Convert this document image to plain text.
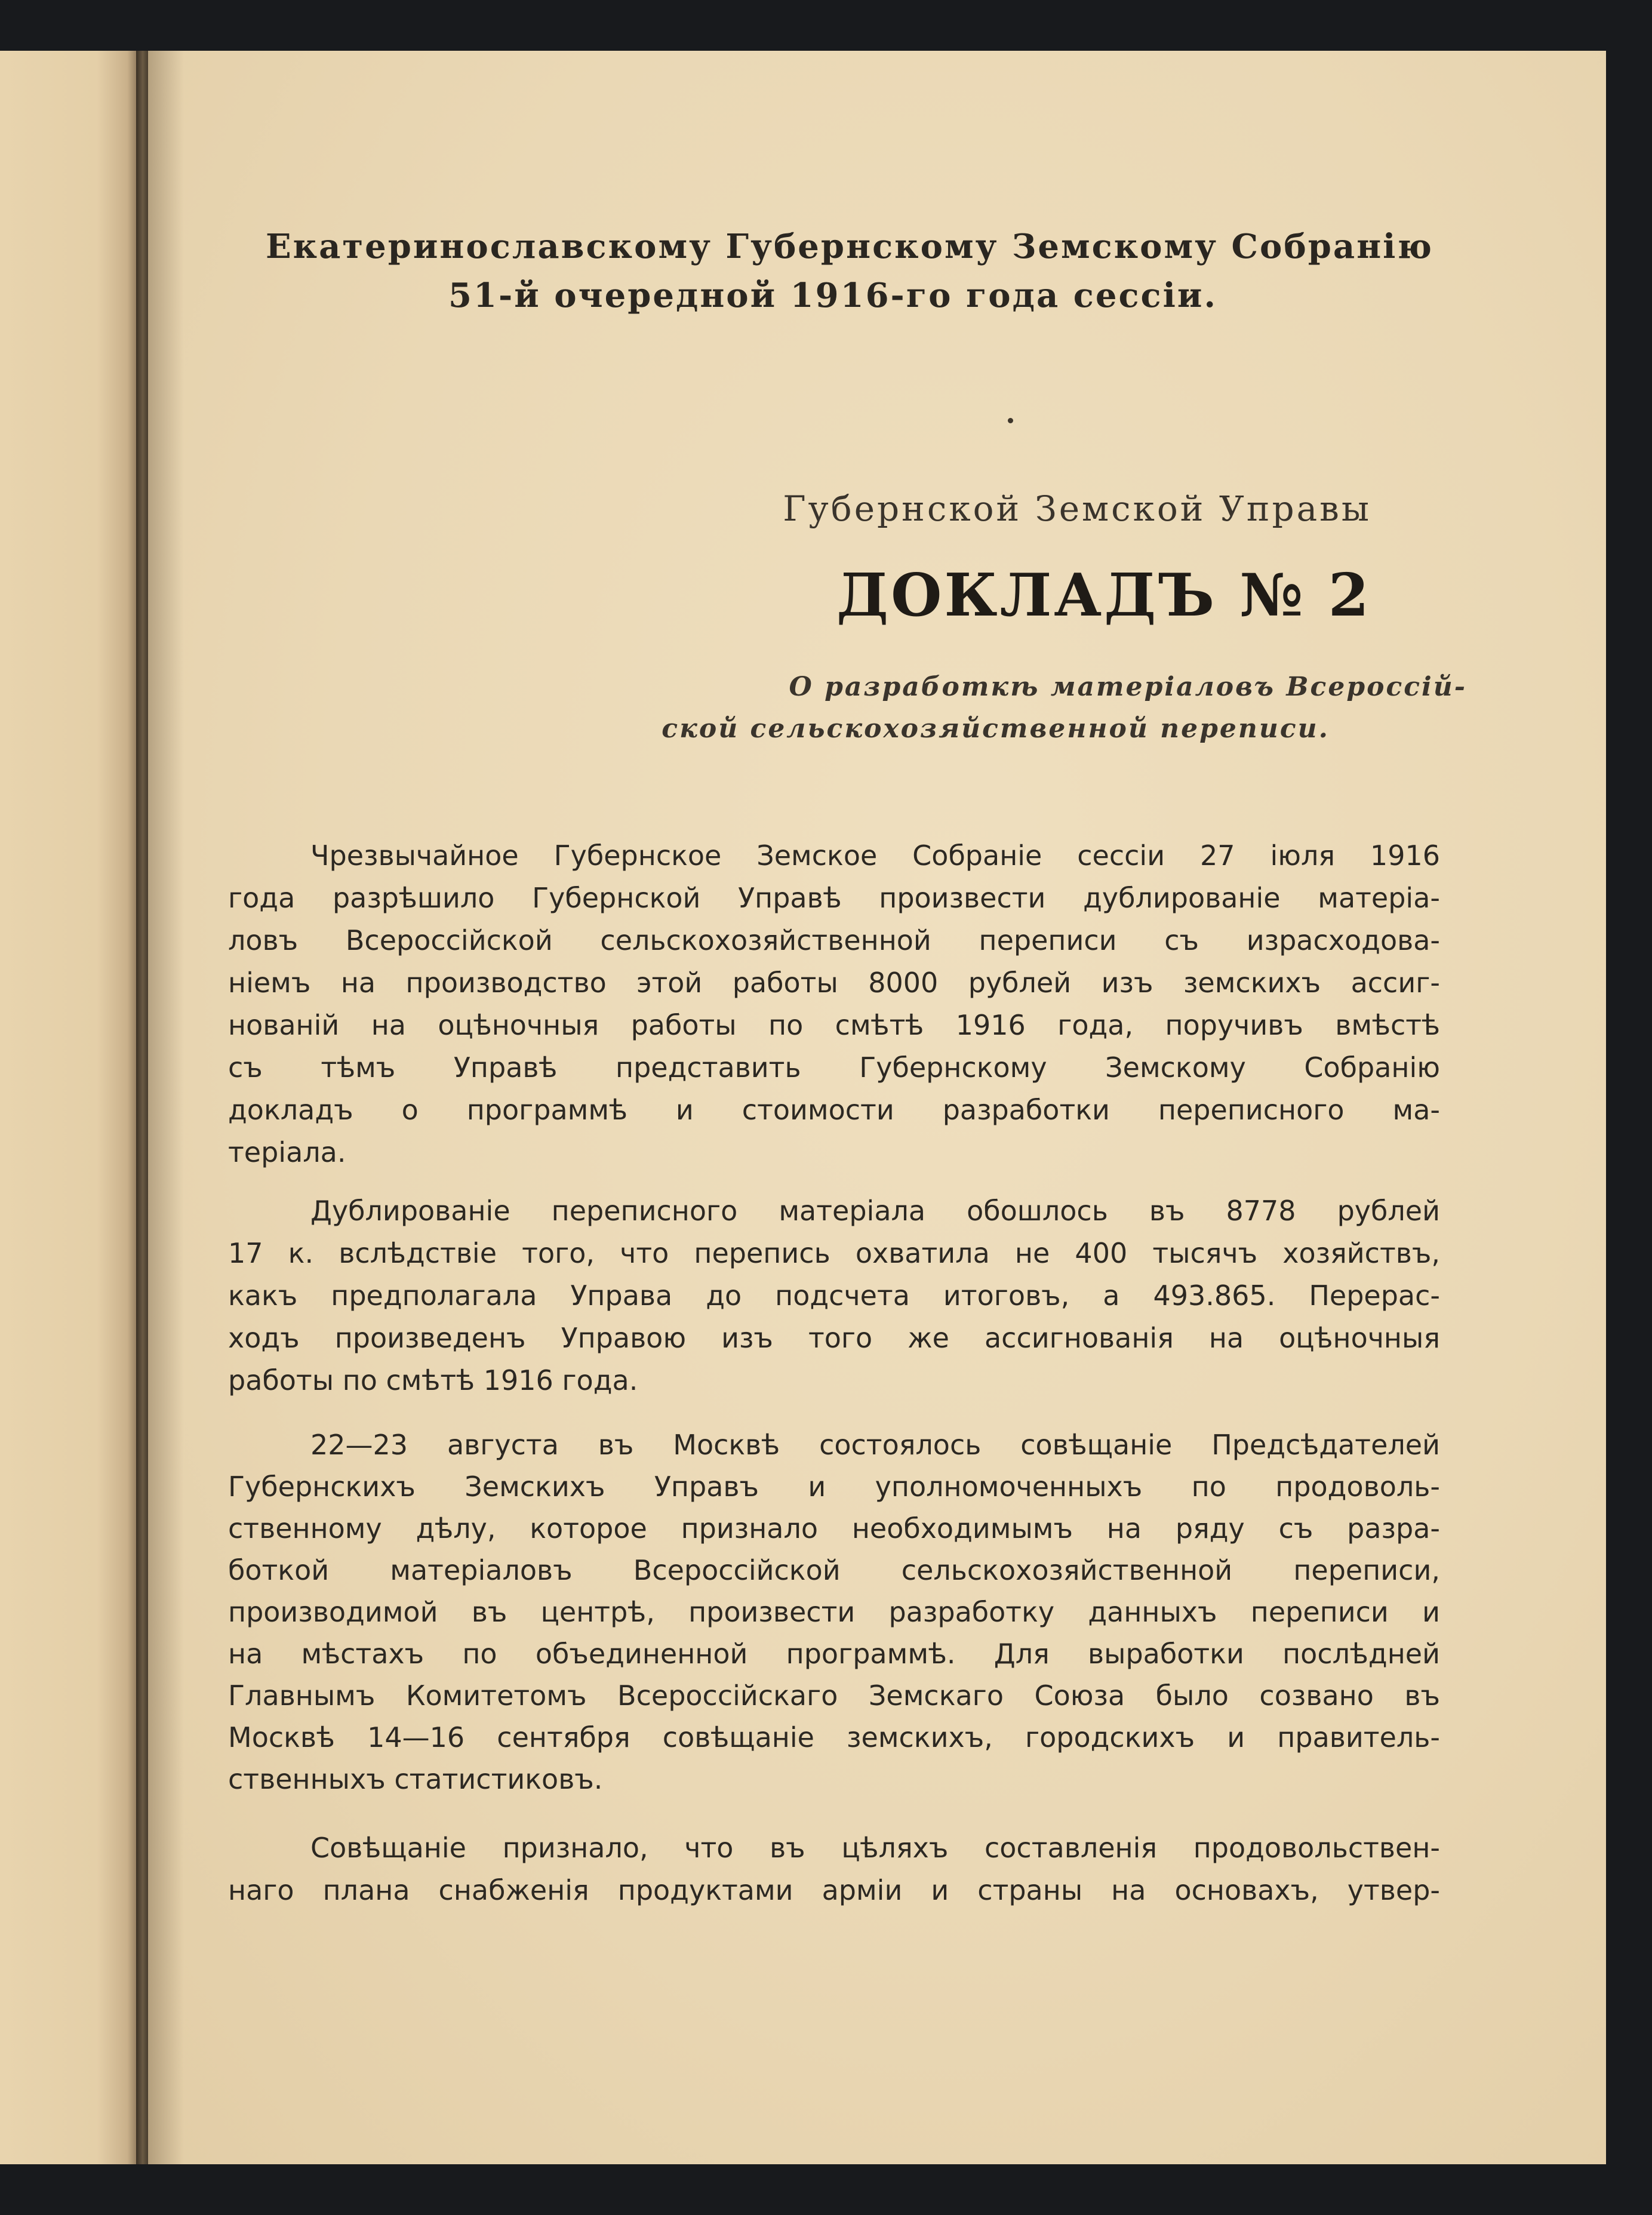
Екатеринославскому Губернскому Земскому Собранію
51-й очередной 1916-го года сессіи.
Губернской Земской Управы
ДОКЛАДЪ № 2
О разработкѣ матеріаловъ Всероссій-
ской сельскохозяйственной переписи.
Чрезвычайное Губернское Земское Собраніе сессіи 27 іюля 1916
года разрѣшило Губернской Управѣ произвести дублированіе матеріа-
ловъ Всероссійской сельскохозяйственной переписи съ израсходова-
ніемъ на производство этой работы 8000 рублей изъ земскихъ ассиг-
нованій на оцѣночныя работы по смѣтѣ 1916 года, поручивъ вмѣстѣ
съ тѣмъ Управѣ представить Губернскому Земскому Собранію
докладъ о программѣ и стоимости разработки переписного ма-
теріала.
Дублированіе переписного матеріала обошлось въ 8778 рублей
17 к. вслѣдствіе того, что перепись охватила не 400 тысячъ хозяйствъ,
какъ предполагала Управа до подсчета итоговъ, а 493.865. Перерас-
ходъ произведенъ Управою изъ того же ассигнованія на оцѣночныя
работы по смѣтѣ 1916 года.
22—23 августа въ Москвѣ состоялось совѣщаніе Предсѣдателей
Губернскихъ Земскихъ Управъ и уполномоченныхъ по продоволь-
ственному дѣлу, которое признало необходимымъ на ряду съ разра-
боткой матеріаловъ Всероссійской сельскохозяйственной переписи,
производимой въ центрѣ, произвести разработку данныхъ переписи и
на мѣстахъ по объединенной программѣ. Для выработки послѣдней
Главнымъ Комитетомъ Всероссійскаго Земскаго Союза было созвано въ
Москвѣ 14—16 сентября совѣщаніе земскихъ, городскихъ и правитель-
ственныхъ статистиковъ.
Совѣщаніе признало, что въ цѣляхъ составленія продовольствен-
наго плана снабженія продуктами арміи и страны на основахъ, утвер-
